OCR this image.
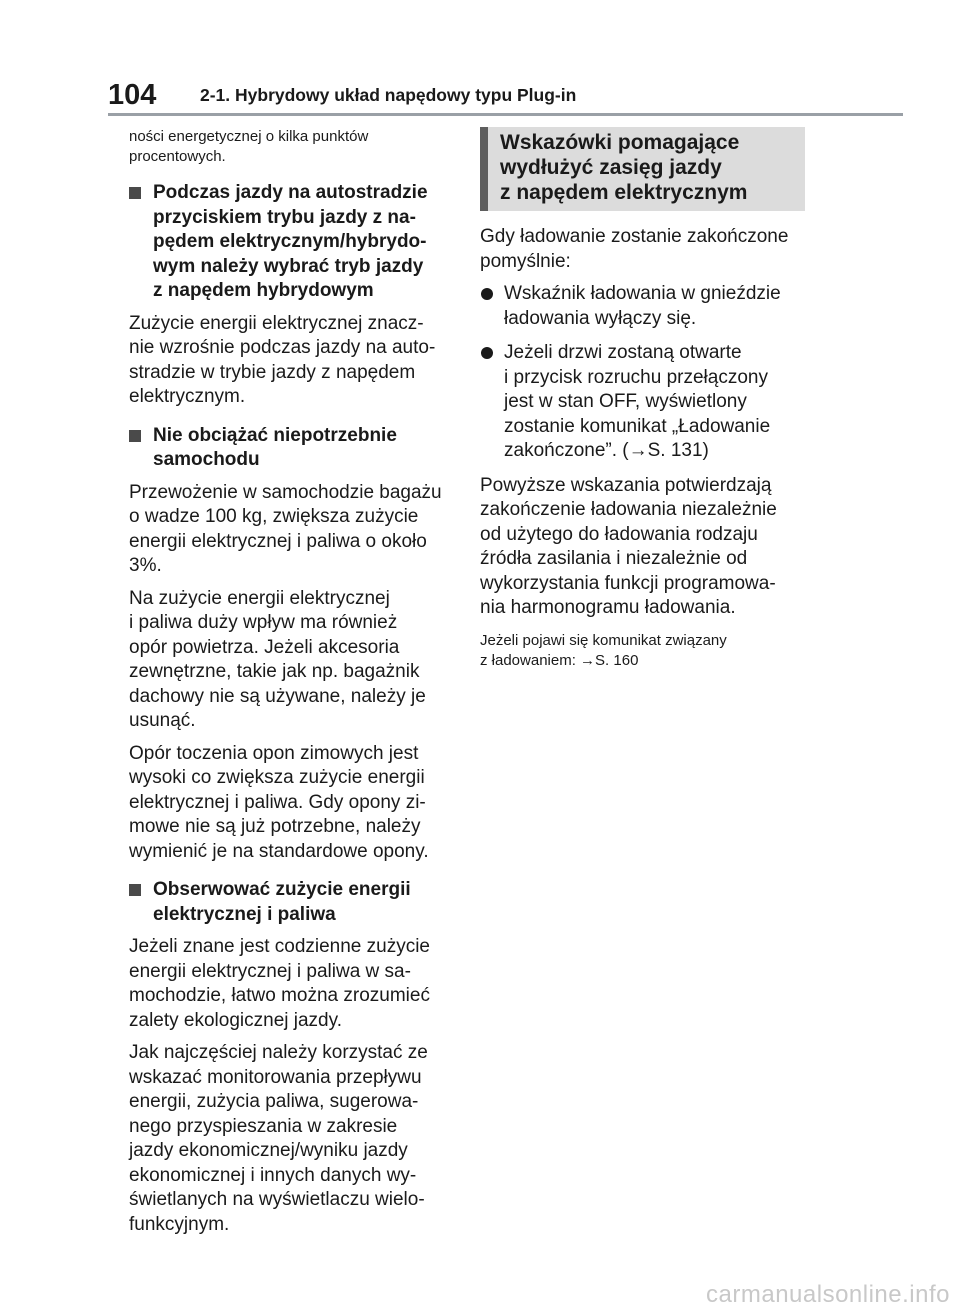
104 2-1. Hybrydowy układ napędowy typu Plug-in

ności energetycznej o kilka punktów
procentowych.

Podczas jazdy na autostradzie
przyciskiem trybu jazdy z na-
pędem elektrycznym/hybrydo-
wym należy wybrać tryb jazdy
z napędem hybrydowym

Zużycie energii elektrycznej znacz-
nie wzrośnie podczas jazdy na auto-
stradzie w trybie jazdy z napędem
elektrycznym.

Nie obciążać niepotrzebnie
samochodu

Przewożenie w samochodzie bagażu
o wadze 100 kg, zwiększa zużycie
energii elektrycznej i paliwa o około
3%.

Na zużycie energii elektrycznej
i paliwa duży wpływ ma również
opór powietrza. Jeżeli akcesoria
zewnętrzne, takie jak np. bagażnik
dachowy nie są używane, należy je
usunąć.

Opór toczenia opon zimowych jest
wysoki co zwiększa zużycie energii
elektrycznej i paliwa. Gdy opony zi-
mowe nie są już potrzebne, należy
wymienić je na standardowe opony.

Obserwować zużycie energii
elektrycznej i paliwa

Jeżeli znane jest codzienne zużycie
energii elektrycznej i paliwa w sa-
mochodzie, łatwo można zrozumieć
zalety ekologicznej jazdy.

Jak najczęściej należy korzystać ze
wskazać monitorowania przepływu
energii, zużycia paliwa, sugerowa-
nego przyspieszania w zakresie
jazdy ekonomicznej/wyniku jazdy
ekonomicznej i innych danych wy-
świetlanych na wyświetlaczu wielo-
funkcyjnym.

Wskazówki pomagające
wydłużyć zasięg jazdy
z napędem elektrycznym

Gdy ładowanie zostanie zakończone
pomyślnie:

Wskaźnik ładowania w gnieździe
ładowania wyłączy się.
Jeżeli drzwi zostaną otwarte
i przycisk rozruchu przełączony
jest w stan OFF, wyświetlony
zostanie komunikat „Ładowanie
zakończone”. (→S. 131)

Powyższe wskazania potwierdzają
zakończenie ładowania niezależnie
od użytego do ładowania rodzaju
źródła zasilania i niezależnie od
wykorzystania funkcji programowa-
nia harmonogramu ładowania.

Jeżeli pojawi się komunikat związany
z ładowaniem: →S. 160

carmanualsonline.info
